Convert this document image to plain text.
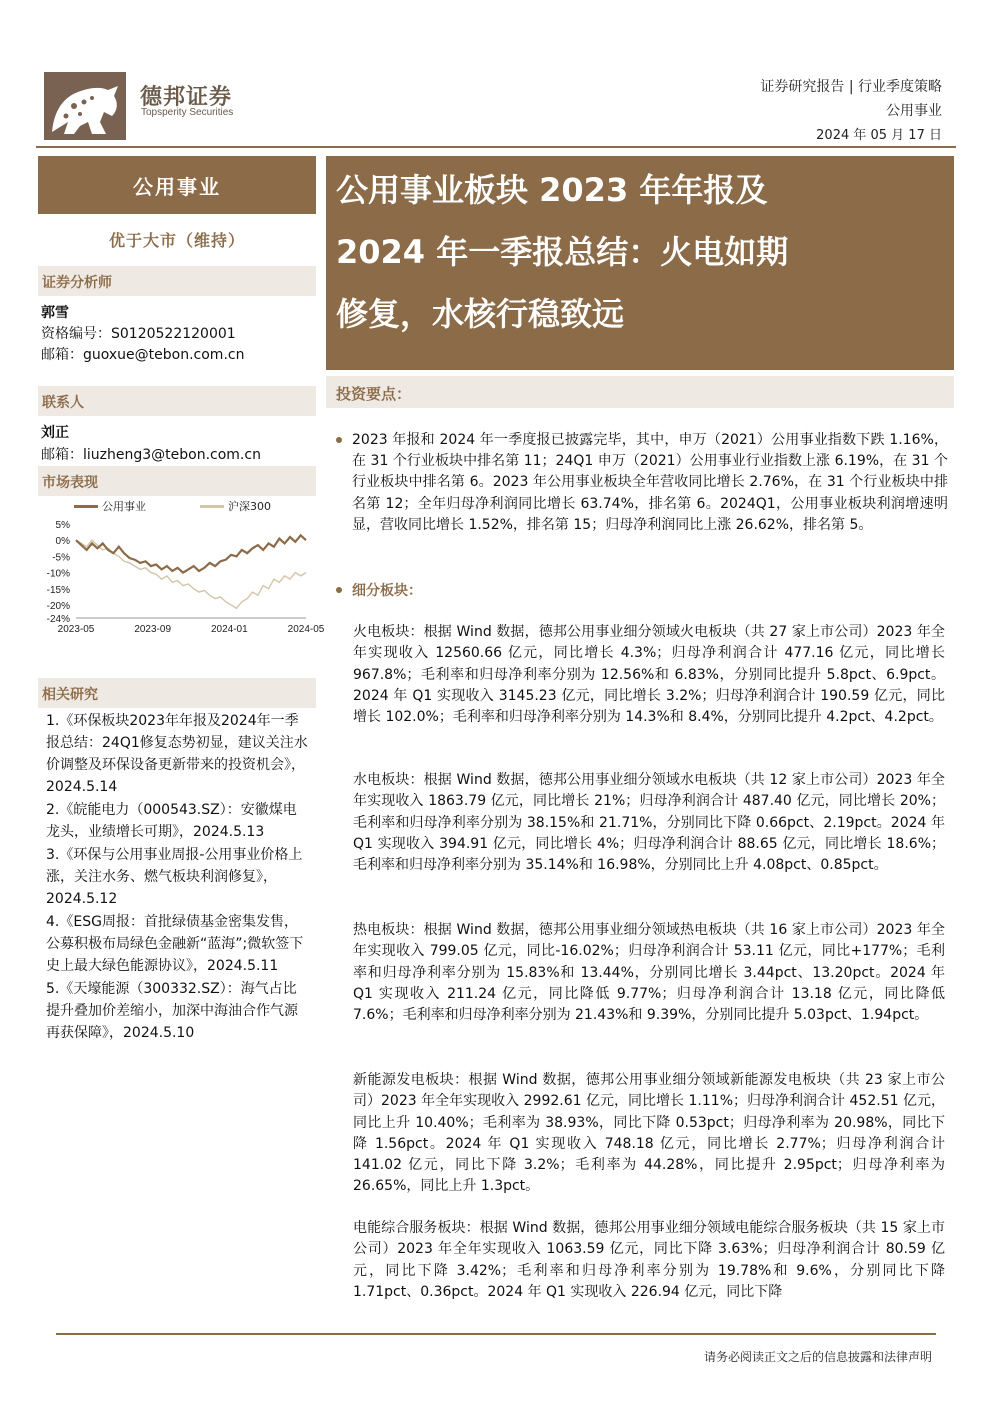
德邦证券
Topsperity Securities
证券研究报告 | 行业季度策略
公用事业
2024 年 05 月 17 日
公用事业
优于大市（维持）
证券分析师
郭雪
资格编号：S0120522120001
邮箱：guoxue@tebon.com.cn
联系人
刘正
邮箱：liuzheng3@tebon.com.cn
市场表现
公用事业	沪深300
5%
0%
-5%
-10%
-15%
-20%
-24%
2023-05	2023-09	2024-01	2024-05
相关研究

1.《环保板块2023年年报及2024年一季报总结：24Q1修复态势初显，建议关注水价调整及环保设备更新带来的投资机会》，2024.5.14

2.《皖能电力（000543.SZ）：安徽煤电龙头，业绩增长可期》，2024.5.13

3.《环保与公用事业周报-公用事业价格上涨，关注水务、燃气板块利润修复》，2024.5.12

4.《ESG周报：首批绿债基金密集发售，公募积极布局绿色金融新“蓝海”;微软签下史上最大绿色能源协议》，2024.5.11

5.《天壕能源（300332.SZ）：海气占比提升叠加价差缩小，加深中海油合作气源再获保障》，2024.5.10

公用事业板块 2023 年年报及
2024 年一季报总结：火电如期
修复，水核行稳致远
投资要点：
2023 年报和 2024 年一季度报已披露完毕，其中，申万（2021）公用事业指数下跌 1.16%，在 31 个行业板块中排名第 11；24Q1 申万（2021）公用事业行业指数上涨 6.19%，在 31 个行业板块中排名第 6。2023 年公用事业板块全年营收同比增长 2.76%，在 31 个行业板块中排名第 12；全年归母净利润同比增长 63.74%，排名第 6。2024Q1，公用事业板块利润增速明显，营收同比增长 1.52%，排名第 15；归母净利润同比上涨 26.62%，排名第 5。
细分板块：
火电板块：根据 Wind 数据，德邦公用事业细分领域火电板块（共 27 家上市公司）2023 年全年实现收入 12560.66 亿元，同比增长 4.3%；归母净利润合计 477.16 亿元，同比增长 967.8%；毛利率和归母净利率分别为 12.56%和 6.83%，分别同比提升 5.8pct、6.9pct。2024 年 Q1 实现收入 3145.23 亿元，同比增长 3.2%；归母净利润合计 190.59 亿元，同比增长 102.0%；毛利率和归母净利率分别为 14.3%和 8.4%，分别同比提升 4.2pct、4.2pct。
水电板块：根据 Wind 数据，德邦公用事业细分领域水电板块（共 12 家上市公司）2023 年全年实现收入 1863.79 亿元，同比增长 21%；归母净利润合计 487.40 亿元，同比增长 20%；毛利率和归母净利率分别为 38.15%和 21.71%，分别同比下降 0.66pct、2.19pct。2024 年 Q1 实现收入 394.91 亿元，同比增长 4%；归母净利润合计 88.65 亿元，同比增长 18.6%；毛利率和归母净利率分别为 35.14%和 16.98%，分别同比上升 4.08pct、0.85pct。
热电板块：根据 Wind 数据，德邦公用事业细分领域热电板块（共 16 家上市公司）2023 年全年实现收入 799.05 亿元，同比-16.02%；归母净利润合计 53.11 亿元，同比+177%；毛利率和归母净利率分别为 15.83%和 13.44%，分别同比增长 3.44pct、13.20pct。2024 年 Q1 实现收入 211.24 亿元，同比降低 9.77%；归母净利润合计 13.18 亿元，同比降低 7.6%；毛利率和归母净利率分别为 21.43%和 9.39%，分别同比提升 5.03pct、1.94pct。
新能源发电板块：根据 Wind 数据，德邦公用事业细分领域新能源发电板块（共 23 家上市公司）2023 年全年实现收入 2992.61 亿元，同比增长 1.11%；归母净利润合计 452.51 亿元，同比上升 10.40%；毛利率为 38.93%，同比下降 0.53pct；归母净利率为 20.98%，同比下降 1.56pct。2024 年 Q1 实现收入 748.18 亿元，同比增长 2.77%；归母净利润合计 141.02 亿元，同比下降 3.2%；毛利率为 44.28%，同比提升 2.95pct；归母净利率为 26.65%，同比上升 1.3pct。
电能综合服务板块：根据 Wind 数据，德邦公用事业细分领域电能综合服务板块（共 15 家上市公司）2023 年全年实现收入 1063.59 亿元，同比下降 3.63%；归母净利润合计 80.59 亿元，同比下降 3.42%；毛利率和归母净利率分别为 19.78%和 9.6%，分别同比下降 1.71pct、0.36pct。2024 年 Q1 实现收入 226.94 亿元，同比下降
请务必阅读正文之后的信息披露和法律声明
